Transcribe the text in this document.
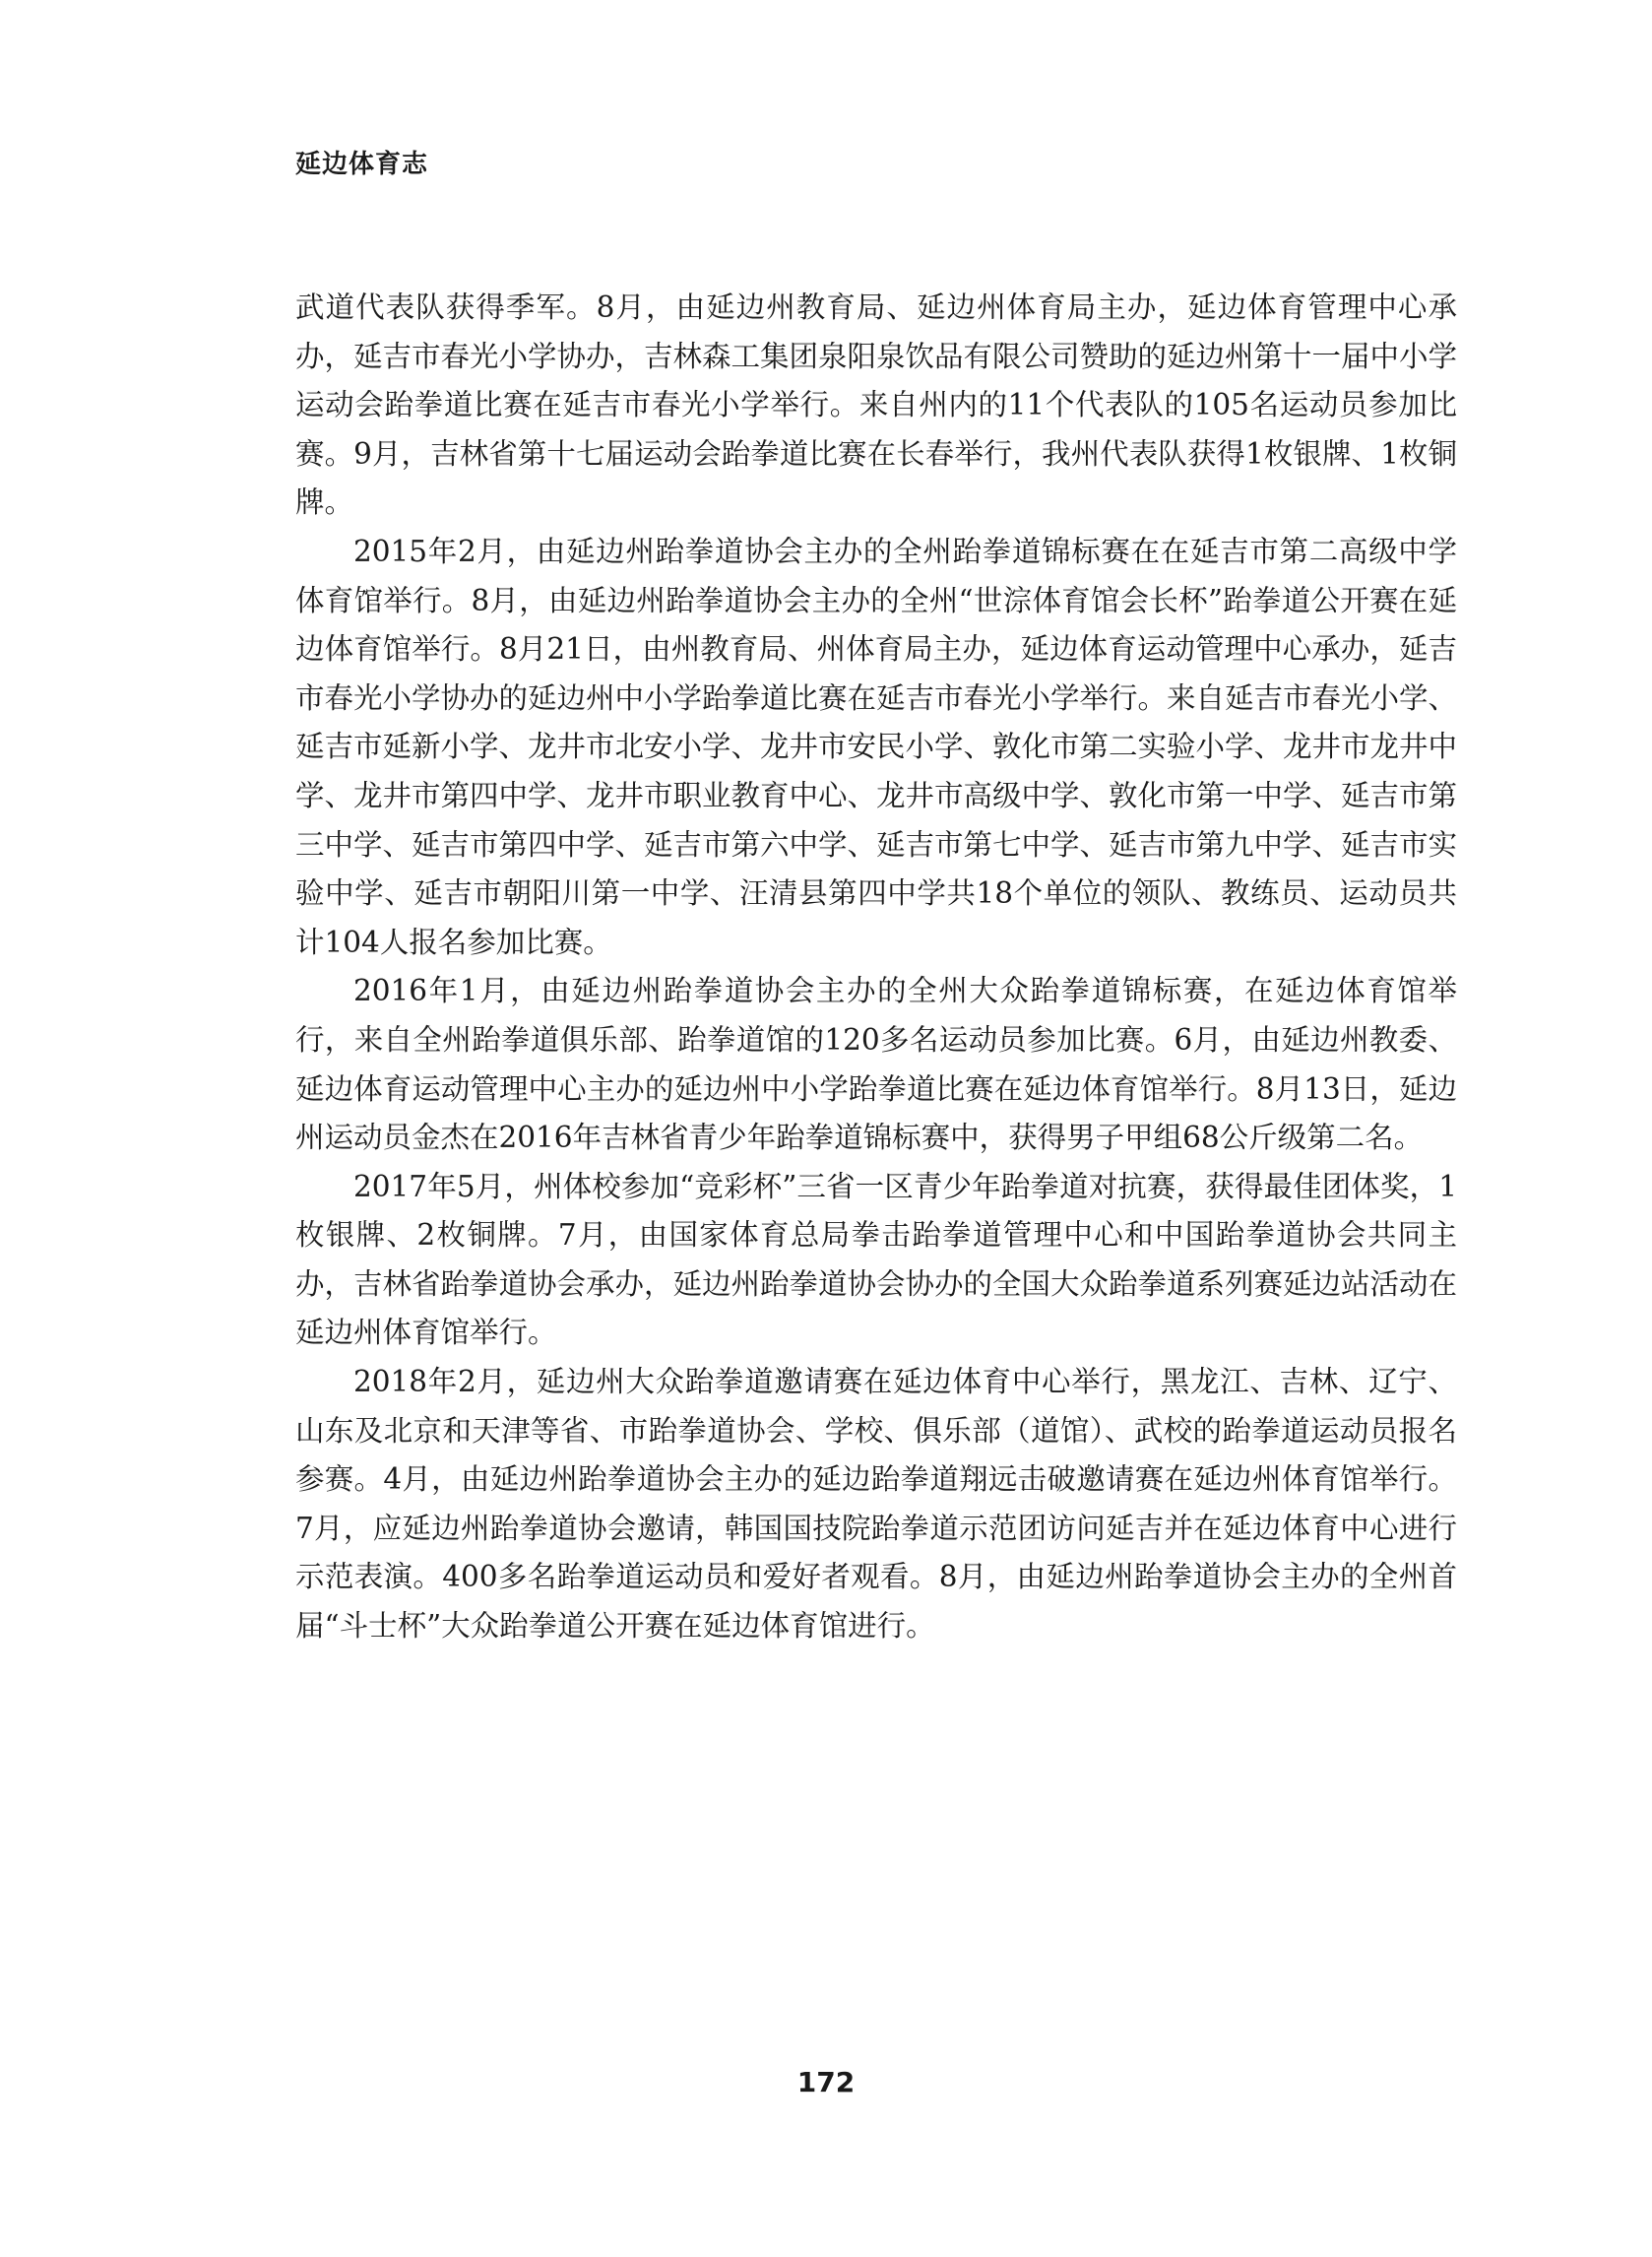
延边体育志

武道代表队获得季军。8月，由延边州教育局、延边州体育局主办，延边体育管理中心承办，延吉市春光小学协办，吉林森工集团泉阳泉饮品有限公司赞助的延边州第十一届中小学运动会跆拳道比赛在延吉市春光小学举行。来自州内的11个代表队的105名运动员参加比赛。9月，吉林省第十七届运动会跆拳道比赛在长春举行，我州代表队获得1枚银牌、1枚铜牌。

2015年2月，由延边州跆拳道协会主办的全州跆拳道锦标赛在在延吉市第二高级中学体育馆举行。8月，由延边州跆拳道协会主办的全州“世淙体育馆会长杯”跆拳道公开赛在延边体育馆举行。8月21日，由州教育局、州体育局主办，延边体育运动管理中心承办，延吉市春光小学协办的延边州中小学跆拳道比赛在延吉市春光小学举行。来自延吉市春光小学、延吉市延新小学、龙井市北安小学、龙井市安民小学、敦化市第二实验小学、龙井市龙井中学、龙井市第四中学、龙井市职业教育中心、龙井市高级中学、敦化市第一中学、延吉市第三中学、延吉市第四中学、延吉市第六中学、延吉市第七中学、延吉市第九中学、延吉市实验中学、延吉市朝阳川第一中学、汪清县第四中学共18个单位的领队、教练员、运动员共计104人报名参加比赛。

2016年1月，由延边州跆拳道协会主办的全州大众跆拳道锦标赛，在延边体育馆举行，来自全州跆拳道俱乐部、跆拳道馆的120多名运动员参加比赛。6月，由延边州教委、延边体育运动管理中心主办的延边州中小学跆拳道比赛在延边体育馆举行。8月13日，延边州运动员金杰在2016年吉林省青少年跆拳道锦标赛中，获得男子甲组68公斤级第二名。

2017年5月，州体校参加“竞彩杯”三省一区青少年跆拳道对抗赛，获得最佳团体奖，1枚银牌、2枚铜牌。7月，由国家体育总局拳击跆拳道管理中心和中国跆拳道协会共同主办，吉林省跆拳道协会承办，延边州跆拳道协会协办的全国大众跆拳道系列赛延边站活动在延边州体育馆举行。

2018年2月，延边州大众跆拳道邀请赛在延边体育中心举行，黑龙江、吉林、辽宁、山东及北京和天津等省、市跆拳道协会、学校、俱乐部（道馆）、武校的跆拳道运动员报名参赛。4月，由延边州跆拳道协会主办的延边跆拳道翔远击破邀请赛在延边州体育馆举行。7月，应延边州跆拳道协会邀请，韩国国技院跆拳道示范团访问延吉并在延边体育中心进行示范表演。400多名跆拳道运动员和爱好者观看。8月，由延边州跆拳道协会主办的全州首届“斗士杯”大众跆拳道公开赛在延边体育馆进行。

172
